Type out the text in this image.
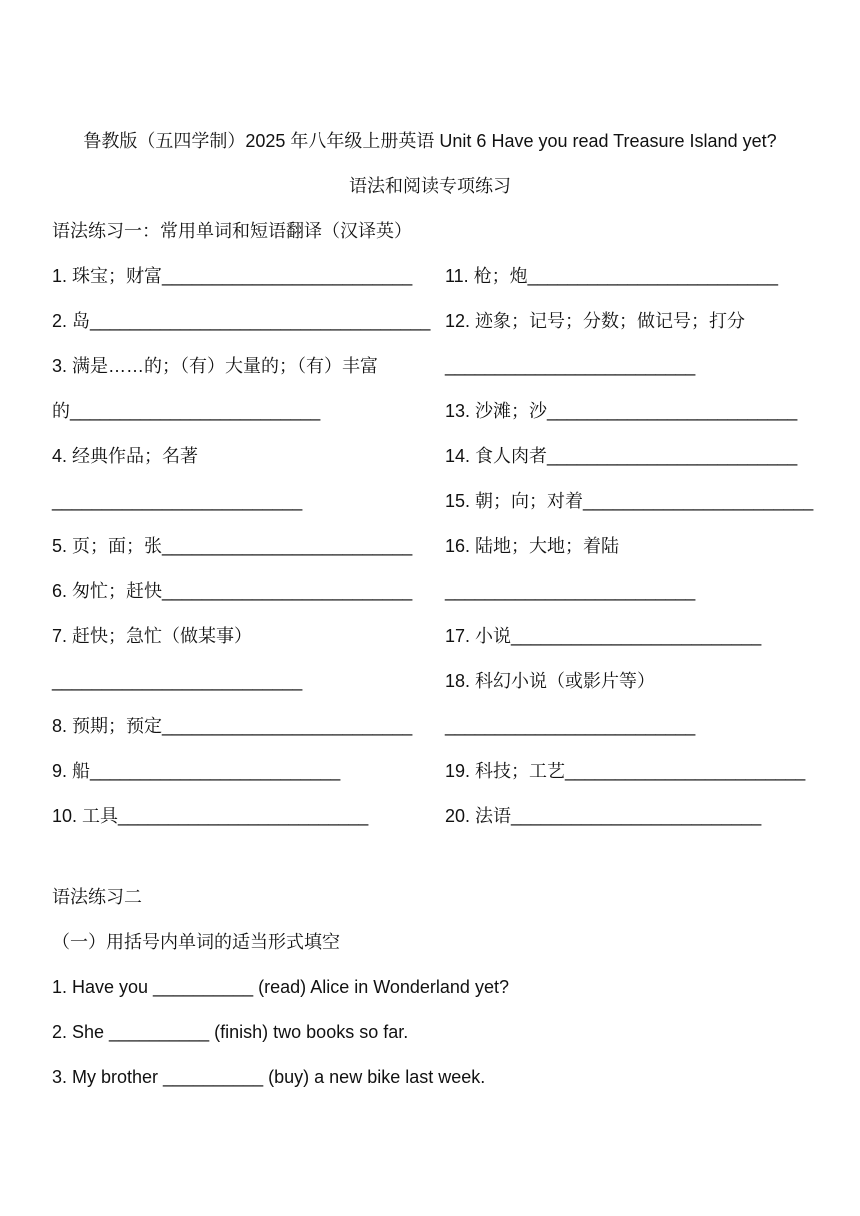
鲁教版（五四学制）2025 年八年级上册英语 Unit 6 Have you read Treasure Island yet?
语法和阅读专项练习
语法练习一：常用单词和短语翻译（汉译英）
1. 珠宝；财富_________________________
2. 岛__________________________________
3. 满是……的；（有）大量的；（有）丰富
的_________________________
4. 经典作品；名著
_________________________
5. 页；面；张_________________________
6. 匆忙；赶快_________________________
7. 赶快；急忙（做某事）
_________________________
8. 预期；预定_________________________
9. 船_________________________
10. 工具_________________________
11. 枪；炮_________________________
12. 迹象；记号；分数；做记号；打分
_________________________
13. 沙滩；沙_________________________
14. 食人肉者_________________________
15. 朝；向；对着_______________________
16. 陆地；大地；着陆
_________________________
17. 小说_________________________
18. 科幻小说（或影片等）
_________________________
19. 科技；工艺________________________
20. 法语_________________________
语法练习二
（一）用括号内单词的适当形式填空
1. Have you __________ (read) Alice in Wonderland yet?
2. She __________ (finish) two books so far.
3. My brother __________ (buy) a new bike last week.
